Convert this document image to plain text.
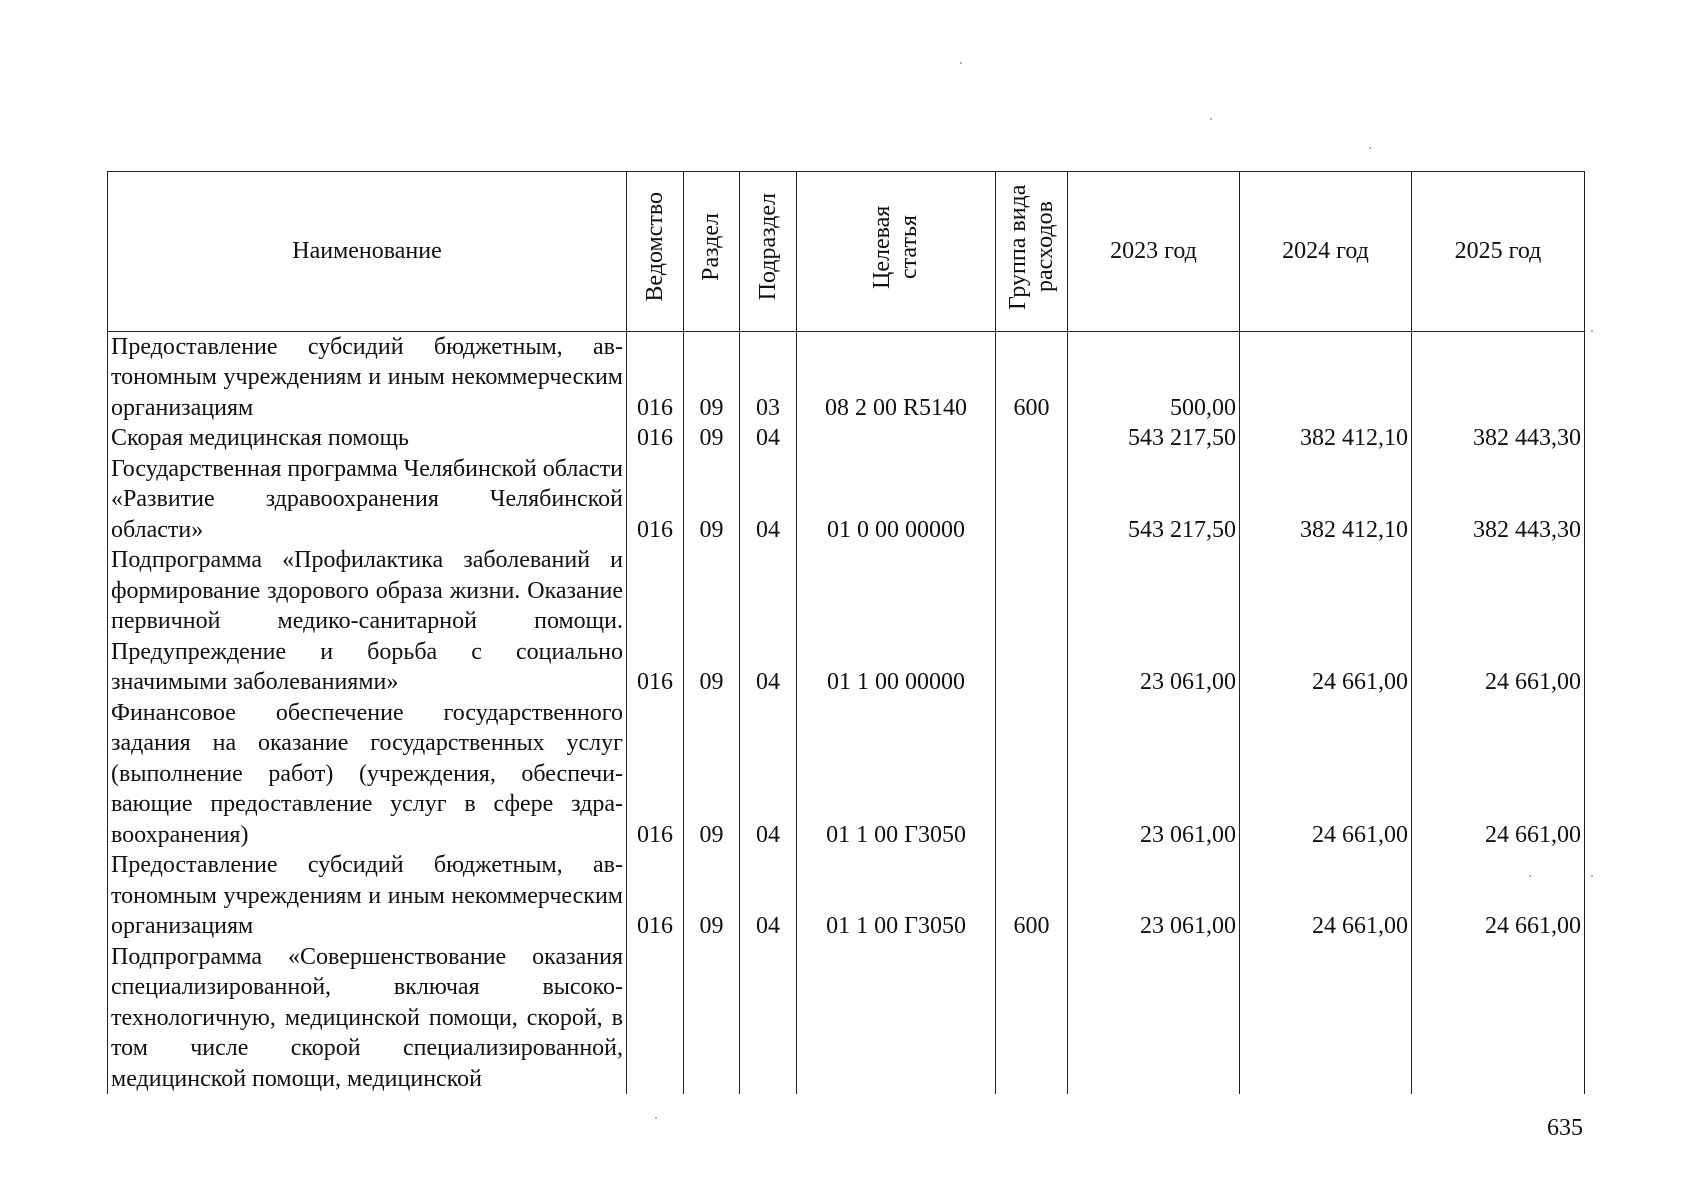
Наименование	Ведомство	Раздел	Подраздел	Целевая статья	Группа вида расходов	2023 год	2024 год	2025 год
Предоставление субсидий бюджетным, автономным учреждениям и иным некоммерческим организациям	016	09	03	08 2 00 R5140	600	500,00		
Скорая медицинская помощь	016	09	04			543 217,50	382 412,10	382 443,30
Государственная программа Челябинской области «Развитие здравоохранения Челябинской области»	016	09	04	01 0 00 00000		543 217,50	382 412,10	382 443,30
Подпрограмма «Профилактика заболеваний и формирование здорового образа жизни. Оказание первичной медико-санитарной помощи. Предупреждение и борьба с социально значимыми заболеваниями»	016	09	04	01 1 00 00000		23 061,00	24 661,00	24 661,00
Финансовое обеспечение государственного задания на оказание государственных услуг (выполнение работ) (учреждения, обеспечивающие предоставление услуг в сфере здравоохранения)	016	09	04	01 1 00 Г3050		23 061,00	24 661,00	24 661,00
Предоставление субсидий бюджетным, автономным учреждениям и иным некоммерческим организациям	016	09	04	01 1 00 Г3050	600	23 061,00	24 661,00	24 661,00
Подпрограмма «Совершенствование оказания специализированной, включая высокотехнологичную, медицинской помощи, скорой, в том числе скорой специализированной, медицинской помощи, медицинской								
635
